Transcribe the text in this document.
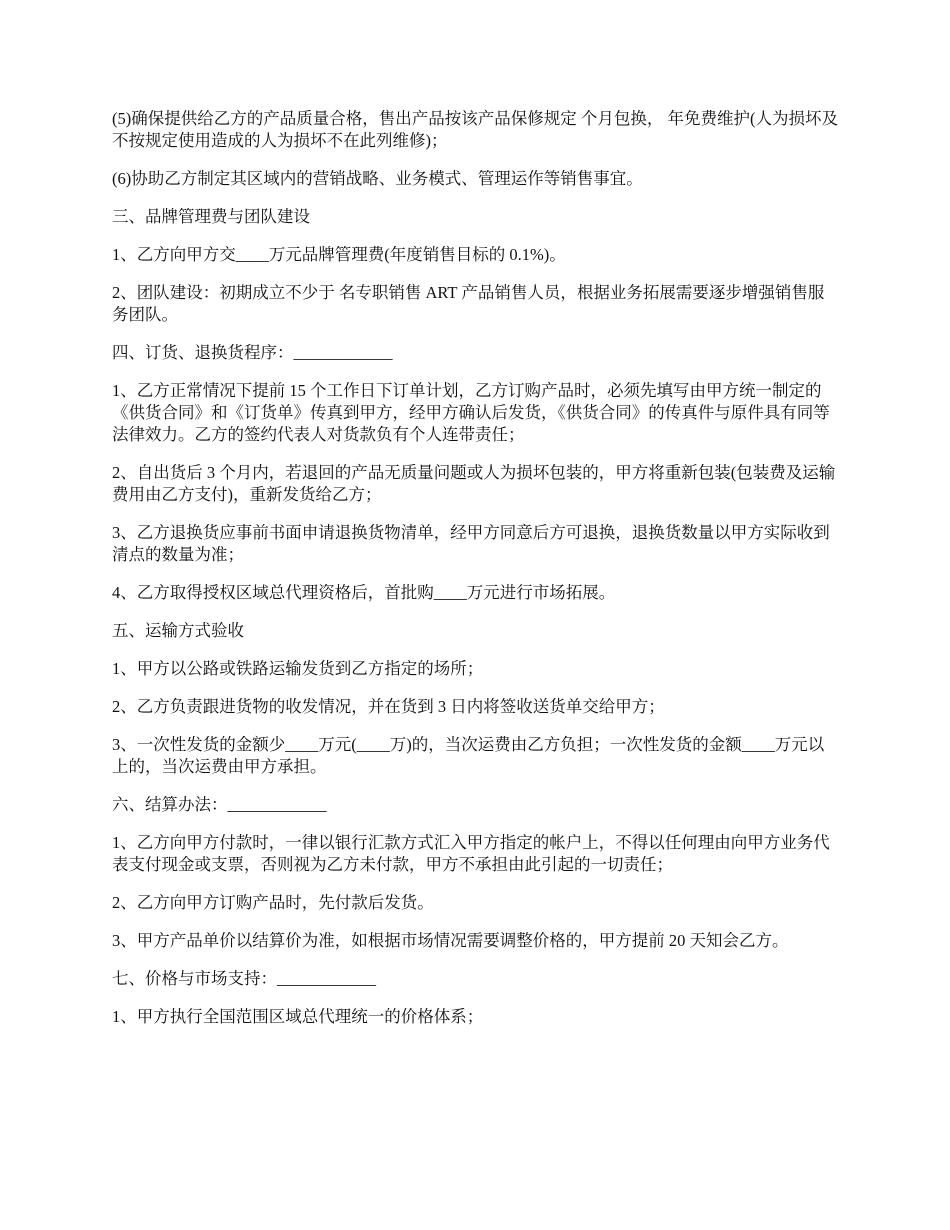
(5)确保提供给乙方的产品质量合格，售出产品按该产品保修规定 个月包换， 年免费维护(人为损坏及不按规定使用造成的人为损坏不在此列维修)；

(6)协助乙方制定其区域内的营销战略、业务模式、管理运作等销售事宜。

三、品牌管理费与团队建设

1、乙方向甲方交____万元品牌管理费(年度销售目标的 0.1%)。

2、团队建设：初期成立不少于 名专职销售 ART 产品销售人员，根据业务拓展需要逐步增强销售服务团队。

四、订货、退换货程序：____________

1、乙方正常情况下提前 15 个工作日下订单计划，乙方订购产品时，必须先填写由甲方统一制定的《供货合同》和《订货单》传真到甲方，经甲方确认后发货，《供货合同》的传真件与原件具有同等法律效力。乙方的签约代表人对货款负有个人连带责任；

2、自出货后 3 个月内，若退回的产品无质量问题或人为损坏包装的，甲方将重新包装(包装费及运输费用由乙方支付)，重新发货给乙方；

3、乙方退换货应事前书面申请退换货物清单，经甲方同意后方可退换，退换货数量以甲方实际收到清点的数量为准；

4、乙方取得授权区域总代理资格后，首批购____万元进行市场拓展。

五、运输方式验收

1、甲方以公路或铁路运输发货到乙方指定的场所；

2、乙方负责跟进货物的收发情况，并在货到 3 日内将签收送货单交给甲方；

3、一次性发货的金额少____万元(____万)的，当次运费由乙方负担；一次性发货的金额____万元以上的，当次运费由甲方承担。

六、结算办法：____________

1、乙方向甲方付款时，一律以银行汇款方式汇入甲方指定的帐户上，不得以任何理由向甲方业务代表支付现金或支票，否则视为乙方未付款，甲方不承担由此引起的一切责任；

2、乙方向甲方订购产品时，先付款后发货。

3、甲方产品单价以结算价为准，如根据市场情况需要调整价格的，甲方提前 20 天知会乙方。

七、价格与市场支持：____________

1、甲方执行全国范围区域总代理统一的价格体系；
